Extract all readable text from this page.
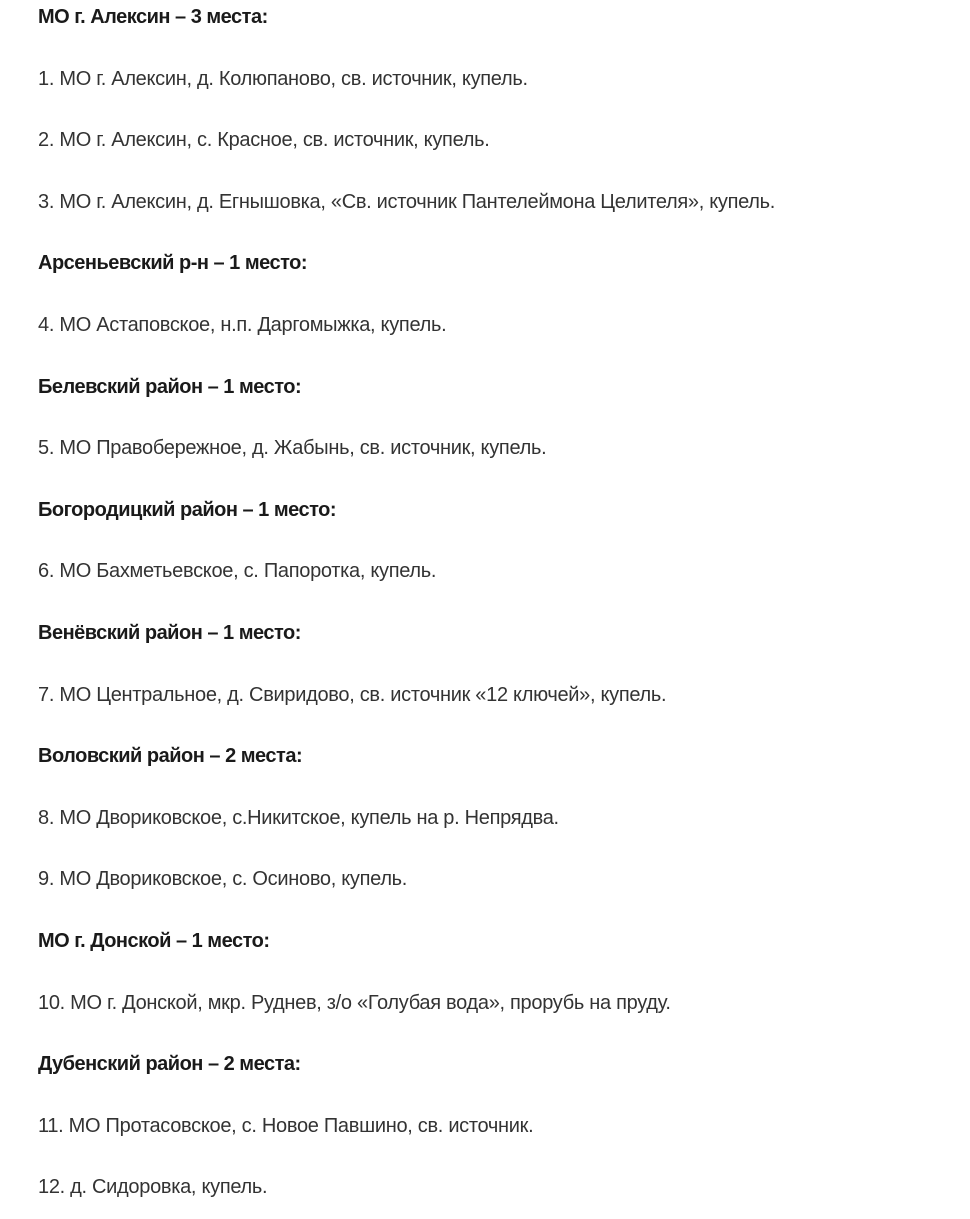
МО г. Алексин – 3 места:
1. МО г. Алексин, д. Колюпаново, св. источник, купель.
2. МО г. Алексин, с. Красное, св. источник, купель.
3. МО г. Алексин, д. Егнышовка, «Св. источник Пантелеймона Целителя», купель.
Арсеньевский р-н – 1 место:
4. МО Астаповское, н.п. Даргомыжка, купель.
Белевский район – 1 место:
5. МО Правобережное, д. Жабынь, св. источник, купель.
Богородицкий район – 1 место:
6. МО Бахметьевское, с. Папоротка, купель.
Венёвский район – 1 место:
7. МО Центральное, д. Свиридово, св. источник «12 ключей», купель.
Воловский район – 2 места:
8. МО Двориковское, с.Никитское, купель на р. Непрядва.
9. МО Двориковское, с. Осиново, купель.
МО г. Донской – 1 место:
10. МО г. Донской, мкр. Руднев, з/о «Голубая вода», прорубь на пруду.
Дубенский район – 2 места:
11. МО Протасовское, с. Новое Павшино, св. источник.
12. д. Сидоровка, купель.
